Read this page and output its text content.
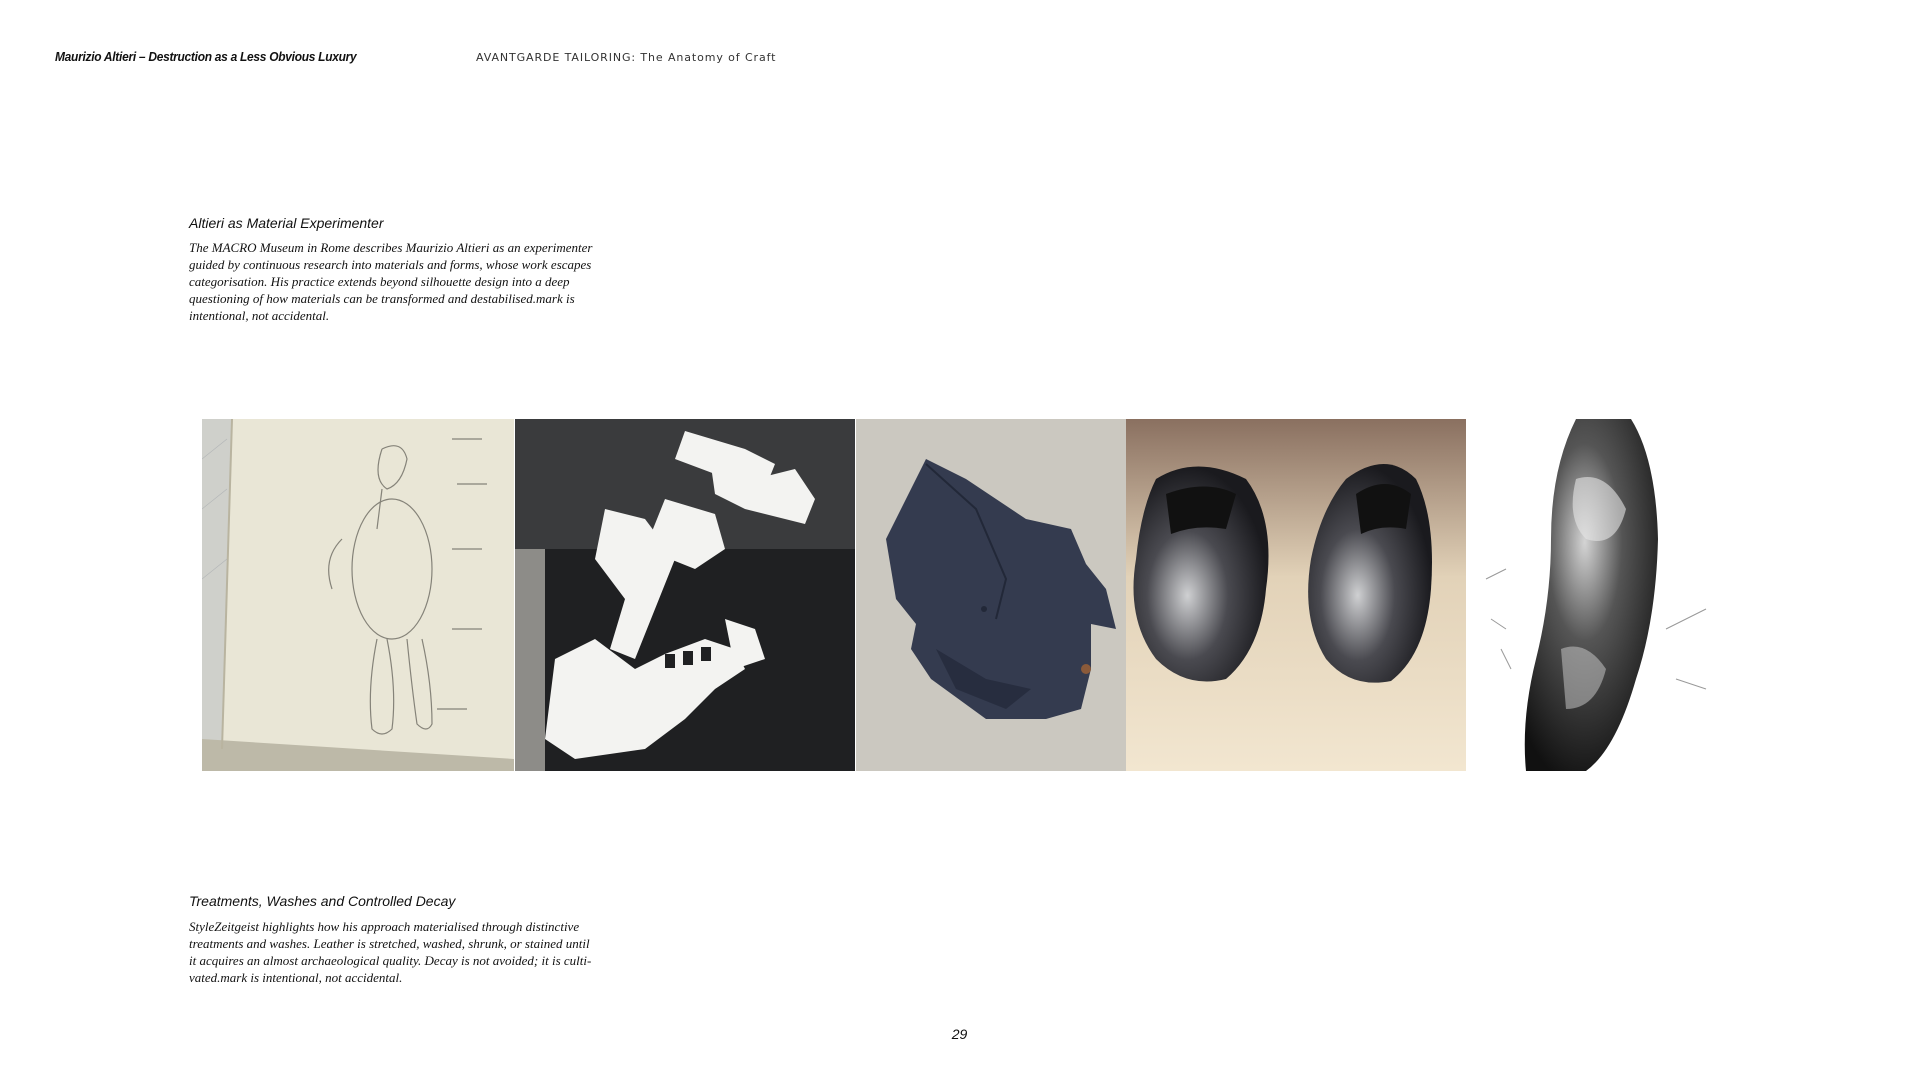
Maurizio Altieri – Destruction as a Less Obvious Luxury	AVANTGARDE TAILORING: The Anatomy of Craft
Altieri as Material Experimenter
The MACRO Museum in Rome describes Maurizio Altieri as an experimenter
guided by continuous research into materials and forms, whose work escapes
categorisation. His practice extends beyond silhouette design into a deep
questioning of how materials can be transformed and destabilised.mark is
intentional, not accidental.
Treatments, Washes and Controlled Decay
StyleZeitgeist highlights how his approach materialised through distinctive
treatments and washes. Leather is stretched, washed, shrunk, or stained until
it acquires an almost archaeological quality. Decay is not avoided; it is culti-
vated.mark is intentional, not accidental.
29
